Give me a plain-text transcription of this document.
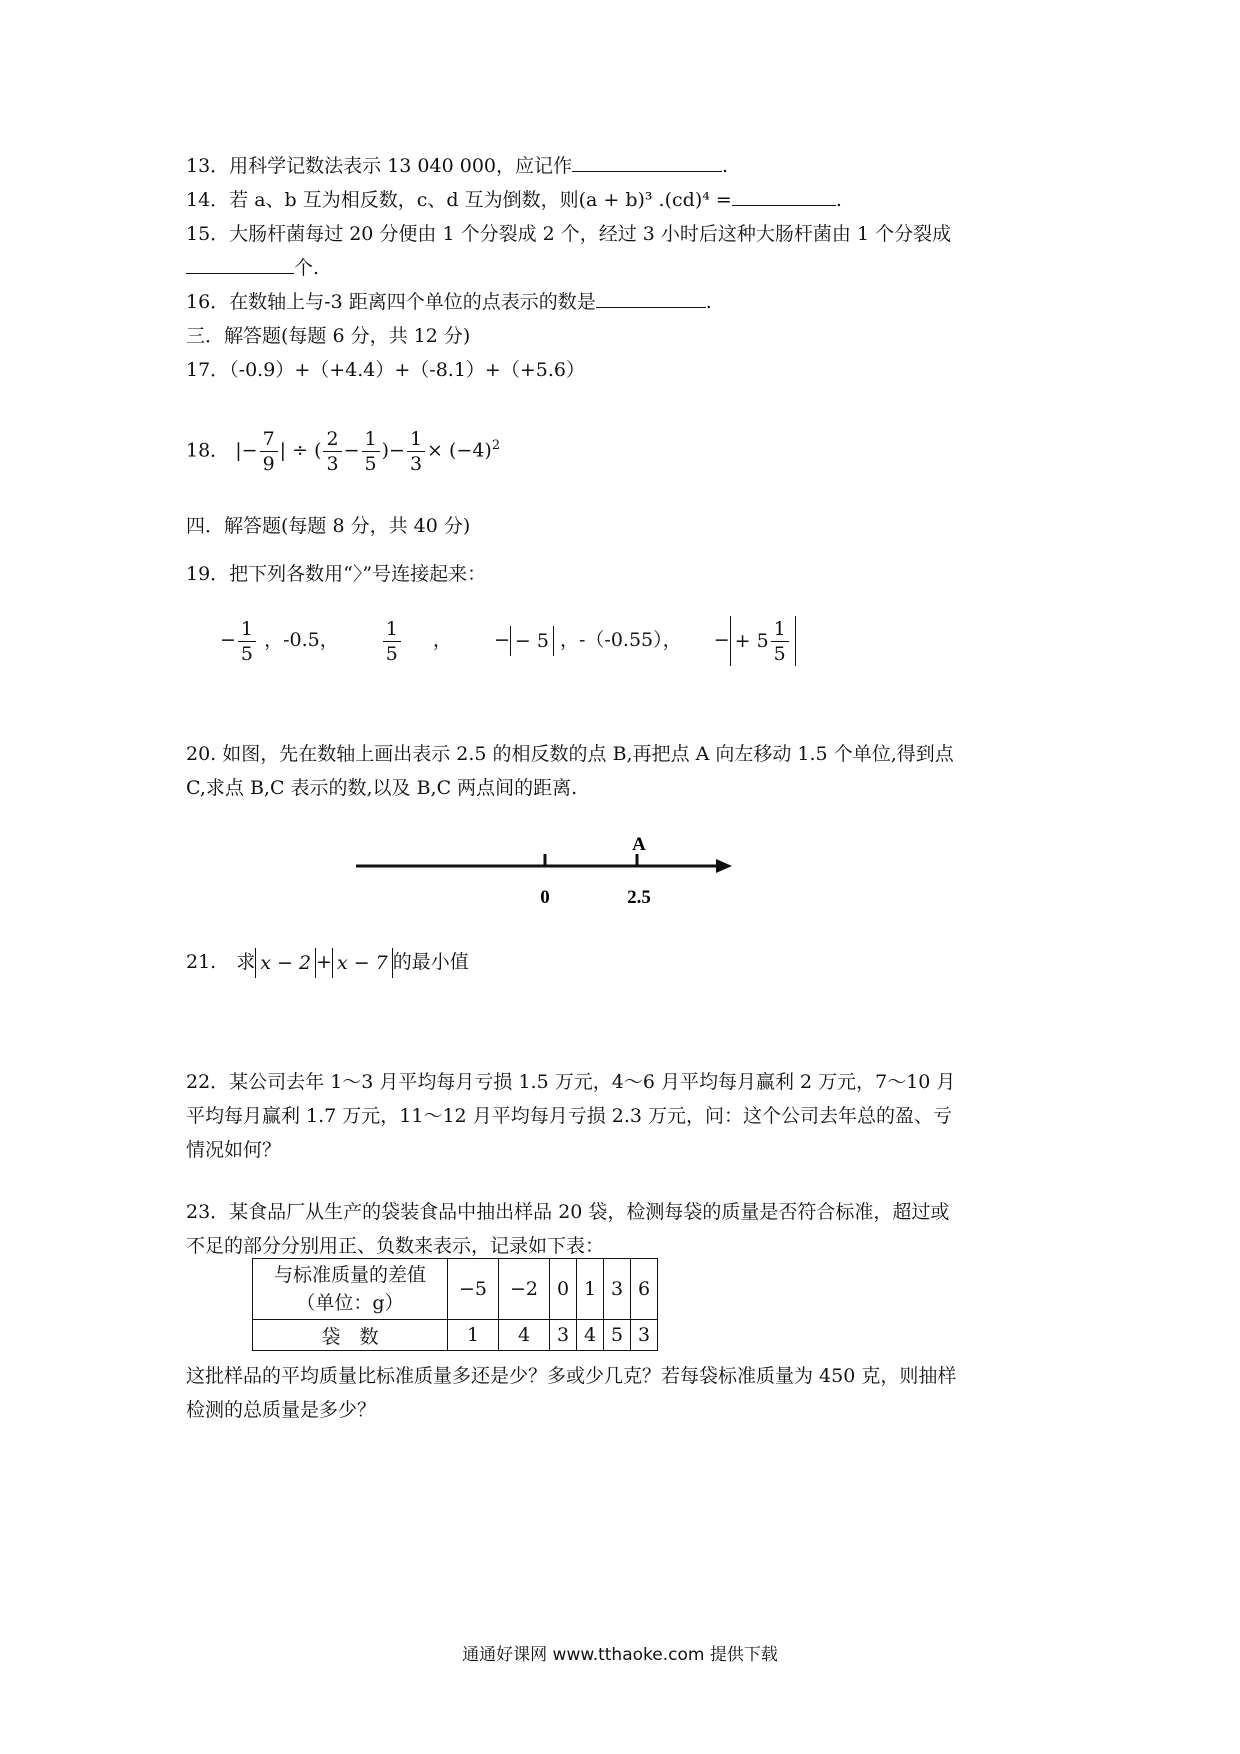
13．用科学记数法表示 13 040 000，应记作	.
14．若 a、b 互为相反数，c、d 互为倒数，则(a + b)³ .(cd)⁴ =	.
15．大肠杆菌每过 20 分便由 1 个分裂成 2 个，经过 3 小时后这种大肠杆菌由 1 个分裂成
个.
16．在数轴上与-3 距离四个单位的点表示的数是	.
三．解答题(每题 6 分，共 12 分)
17．（-0.9）+（+4.4）+（-8.1）+（+5.6）
18． |− $\frac{7}{9}$ | ÷ ( $\frac{2}{3} - \frac{1}{5}$ )− $\frac{1}{3} \times (-4)^2$
四．解答题(每题 8 分，共 40 分)
19．把下列各数用“〉”号连接起来：
− $\frac{1}{5}$ ，-0.5， $\frac{1}{5}$ ， − − 5 ，-（-0.55）， − + $5 \frac{1}{5}$
20. 如图，先在数轴上画出表示 2.5 的相反数的点 B,再把点 A 向左移动 1.5 个单位,得到点
C,求点 B,C 表示的数,以及 B,C 两点间的距离.
A
0	2.5
21. 求 x − 2 + x − 7 的最小值
22．某公司去年 1～3 月平均每月亏损 1.5 万元，4～6 月平均每月赢利 2 万元，7～10 月
平均每月赢利 1.7 万元，11～12 月平均每月亏损 2.3 万元，问：这个公司去年总的盈、亏
情况如何？
23．某食品厂从生产的袋装食品中抽出样品 20 袋，检测每袋的质量是否符合标准，超过或
不足的部分分别用正、负数来表示，记录如下表：
与标准质量的差值
（单位：g）	−5	−2	0	1	3	6
袋　数	1	4	3	4	5	3
这批样品的平均质量比标准质量多还是少？多或少几克？若每袋标准质量为 450 克，则抽样
检测的总质量是多少？
通通好课网 www.tthaoke.com 提供下载
